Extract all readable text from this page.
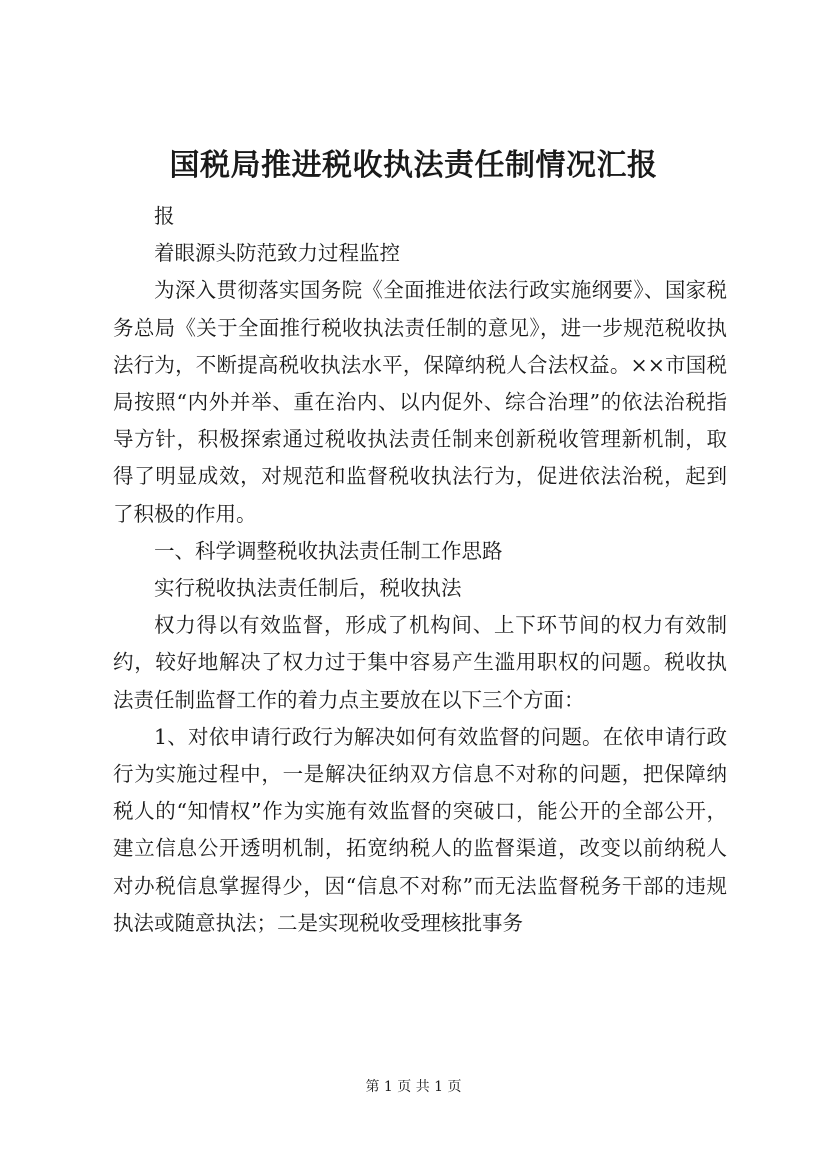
国税局推进税收执法责任制情况汇报

报

着眼源头防范致力过程监控

为深入贯彻落实国务院《全面推进依法行政实施纲要》、国家税务总局《关于全面推行税收执法责任制的意见》，进一步规范税收执法行为，不断提高税收执法水平，保障纳税人合法权益。××市国税局按照“内外并举、重在治内、以内促外、综合治理”的依法治税指导方针，积极探索通过税收执法责任制来创新税收管理新机制，取得了明显成效，对规范和监督税收执法行为，促进依法治税，起到了积极的作用。

一、科学调整税收执法责任制工作思路

实行税收执法责任制后，税收执法

权力得以有效监督，形成了机构间、上下环节间的权力有效制约，较好地解决了权力过于集中容易产生滥用职权的问题。税收执法责任制监督工作的着力点主要放在以下三个方面：

1、对依申请行政行为解决如何有效监督的问题。在依申请行政行为实施过程中，一是解决征纳双方信息不对称的问题，把保障纳税人的“知情权”作为实施有效监督的突破口，能公开的全部公开，建立信息公开透明机制，拓宽纳税人的监督渠道，改变以前纳税人对办税信息掌握得少，因“信息不对称”而无法监督税务干部的违规执法或随意执法；二是实现税收受理核批事务

第 1 页 共 1 页
